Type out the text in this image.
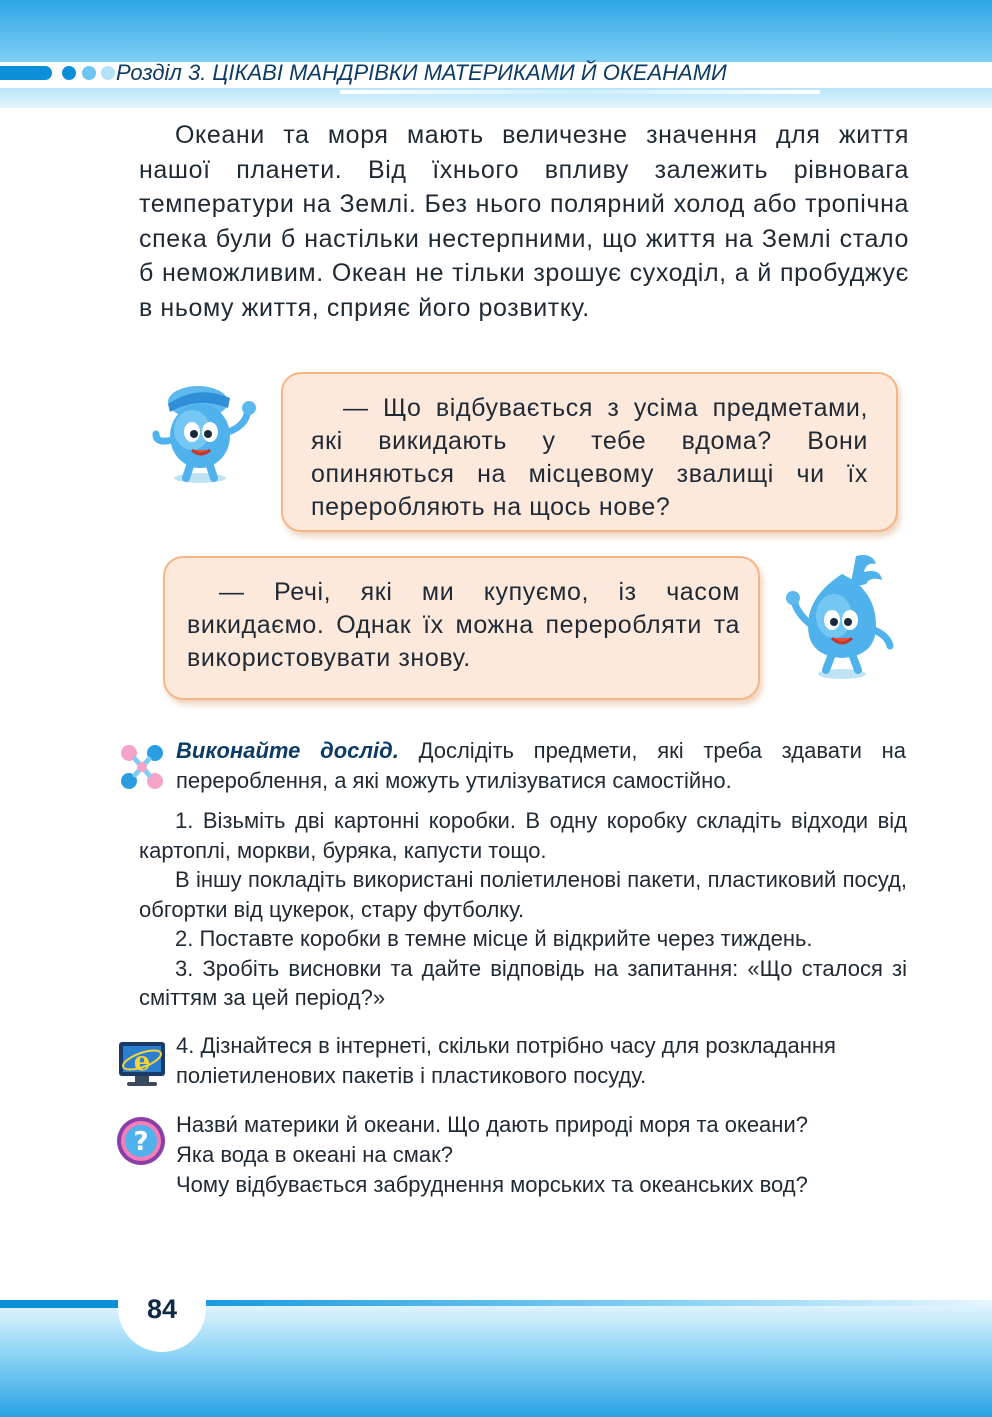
Розділ 3. ЦІКАВІ МАНДРІВКИ МАТЕРИКАМИ Й ОКЕАНАМИ

Океани та моря мають величезне значення для життя нашої планети. Від їхнього впливу залежить рівновага температури на Землі. Без нього полярний холод або тропічна спека були б настільки нестерпними, що життя на Землі стало б неможливим. Океан не тільки зрошує суходіл, а й пробуджує в ньому життя, сприяє його розвитку.

— Що відбувається з усіма предметами, які викидають у тебе вдома? Вони опиняються на місцевому звалищі чи їх переробляють на щось нове?

— Речі, які ми купуємо, із часом викидаємо. Однак їх можна переробляти та використовувати знову.

Виконайте дослід. Дослідіть предмети, які треба здавати на перероблення, а які можуть утилізуватися самостійно.

1. Візьміть дві картонні коробки. В одну коробку складіть відходи від картоплі, моркви, буряка, капусти тощо.

В іншу покладіть використані поліетиленові пакети, пластиковий посуд, обгортки від цукерок, стару футболку.

2. Поставте коробки в темне місце й відкрийте через тиждень.

3. Зробіть висновки та дайте відповідь на запитання: «Що сталося зі сміттям за цей період?»

e
4. Дізнайтеся в інтернеті, скільки потрібно часу для розкладання поліетиленових пакетів і пластикового посуду.
?
Назви́ материки й океани. Що дають природі моря та океани?
Яка вода в океані на смак?
Чому відбувається забруднення морських та океанських вод?
84
